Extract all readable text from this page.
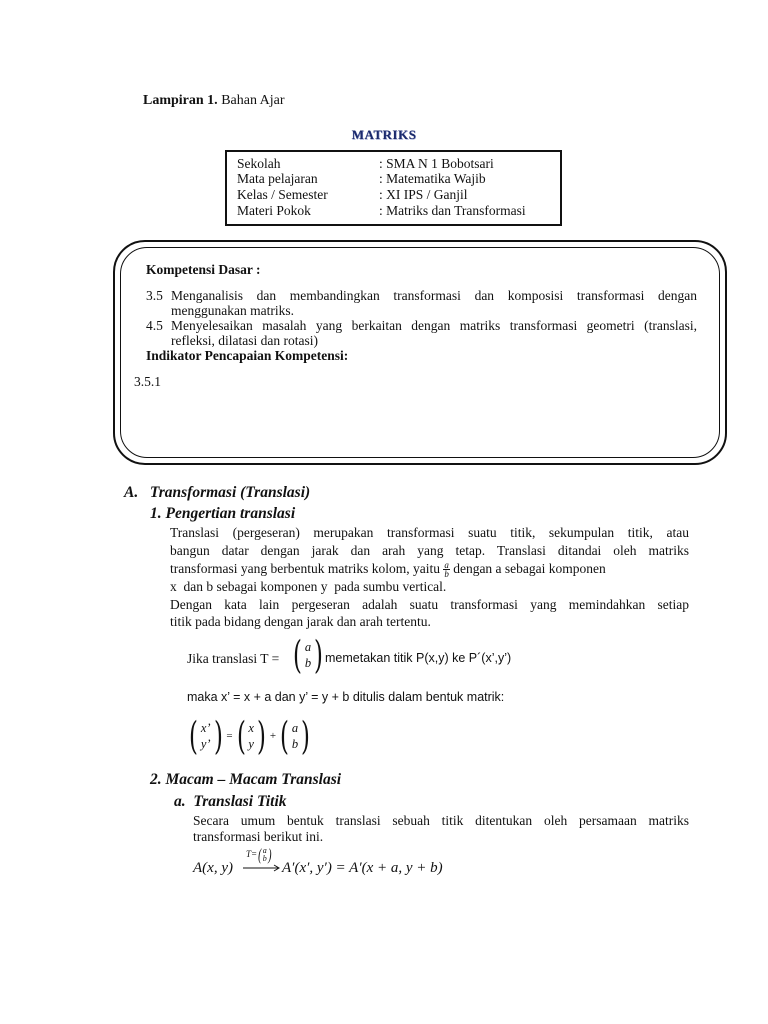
Lampiran 1. Bahan Ajar
MATRIKS
Sekolah	: SMA N 1 Bobotsari
Mata pelajaran	: Matematika Wajib
Kelas / Semester	: XI IPS / Ganjil
Materi Pokok	: Matriks dan Transformasi
Kompetensi Dasar :
3.5 Menganalisis dan membandingkan transformasi dan komposisi transformasi dengan
menggunakan matriks.
4.5 Menyelesaikan masalah yang berkaitan dengan matriks transformasi geometri (translasi,
refleksi, dilatasi dan rotasi)
Indikator Pencapaian Kompetensi:
3.5.1
A.   Transformasi (Translasi)
1. Pengertian translasi
Translasi (pergeseran) merupakan transformasi suatu titik, sekumpulan titik, atau
bangun datar dengan jarak dan arah yang tetap. Translasi ditandai oleh matriks
transformasi yang berbentuk matriks kolom, yaitu $\frac{a}{b}$ dengan a sebagai komponen
x  dan b sebagai komponen y  pada sumbu vertical.
Dengan kata lain pergeseran adalah suatu transformasi yang memindahkan setiap
titik pada bidang dengan jarak dan arah tertentu.
Jika translasi T = ( a
b ) memetakan titik P(x,y) ke P´(x’,y’)
maka x’ = x + a dan y’ = y + b ditulis dalam bentuk matrik:
( x’
y’ ) = ( x
y ) + ( a
b )
2. Macam – Macam Translasi
a.  Translasi Titik
Secara umum bentuk translasi sebuah titik ditentukan oleh persamaan matriks
transformasi berikut ini.
A(x, y)
T=( a
b )
A′(x′, y′) = A′(x + a, y + b)
